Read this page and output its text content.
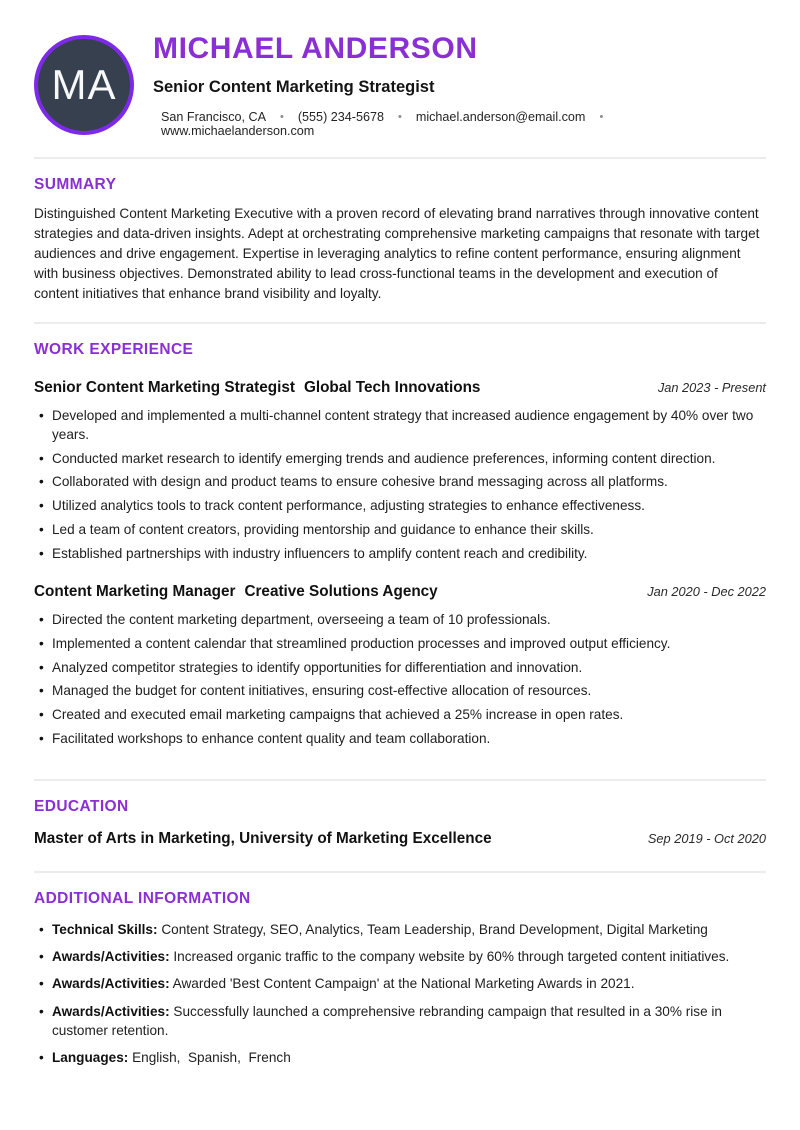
MA
MICHAEL ANDERSON
Senior Content Marketing Strategist
San Francisco, CA •	(555) 234-5678 •	michael.anderson@email.com •
www.michaelanderson.com
SUMMARY

Distinguished Content Marketing Executive with a proven record of elevating brand narratives through innovative content strategies and data-driven insights. Adept at orchestrating comprehensive marketing campaigns that resonate with target audiences and drive engagement. Expertise in leveraging analytics to refine content performance, ensuring alignment with business objectives. Demonstrated ability to lead cross-functional teams in the development and execution of content initiatives that enhance brand visibility and loyalty.

WORK EXPERIENCE
Senior Content Marketing Strategist Global Tech Innovations	Jan 2023 - Present
• Developed and implemented a multi-channel content strategy that increased audience engagement by 40% over two years.
• Conducted market research to identify emerging trends and audience preferences, informing content direction.
• Collaborated with design and product teams to ensure cohesive brand messaging across all platforms.
• Utilized analytics tools to track content performance, adjusting strategies to enhance effectiveness.
• Led a team of content creators, providing mentorship and guidance to enhance their skills.
• Established partnerships with industry influencers to amplify content reach and credibility.
Content Marketing Manager Creative Solutions Agency	Jan 2020 - Dec 2022
• Directed the content marketing department, overseeing a team of 10 professionals.
• Implemented a content calendar that streamlined production processes and improved output efficiency.
• Analyzed competitor strategies to identify opportunities for differentiation and innovation.
• Managed the budget for content initiatives, ensuring cost-effective allocation of resources.
• Created and executed email marketing campaigns that achieved a 25% increase in open rates.
• Facilitated workshops to enhance content quality and team collaboration.
EDUCATION
Master of Arts in Marketing, University of Marketing Excellence	Sep 2019 - Oct 2020
ADDITIONAL INFORMATION
• Technical Skills: Content Strategy, SEO, Analytics, Team Leadership, Brand Development, Digital Marketing
• Awards/Activities: Increased organic traffic to the company website by 60% through targeted content initiatives.
• Awards/Activities: Awarded 'Best Content Campaign' at the National Marketing Awards in 2021.
• Awards/Activities: Successfully launched a comprehensive rebranding campaign that resulted in a 30% rise in customer retention.
• Languages: English,  Spanish,  French
